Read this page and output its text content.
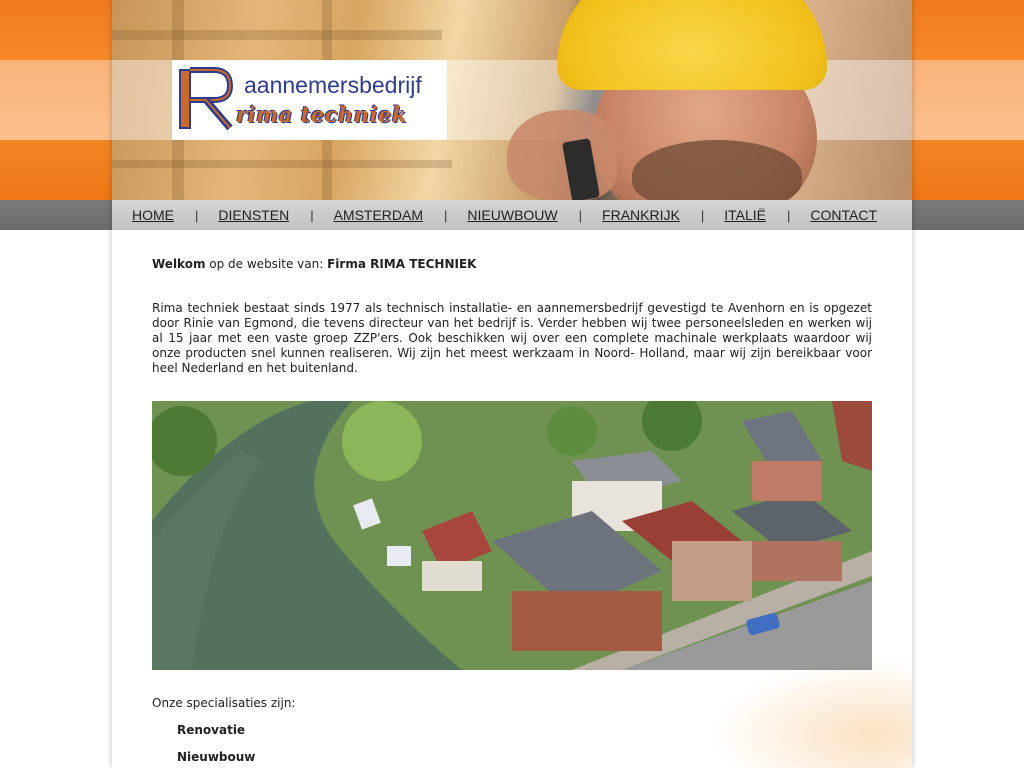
aannemersbedrijf
rima techniek

Welkom op de website van: Firma RIMA TECHNIEK

Rima techniek bestaat sinds 1977 als technisch installatie- en aannemersbedrijf gevestigd te Avenhorn en is opgezet door Rinie van Egmond, die tevens directeur van het bedrijf is. Verder hebben wij twee personeelsleden en werken wij al 15 jaar met een vaste groep ZZP'ers. Ook beschikken wij over een complete machinale werkplaats waardoor wij onze producten snel kunnen realiseren. Wij zijn het meest werkzaam in Noord- Holland, maar wij zijn bereikbaar voor heel Nederland en het buitenland.

Onze specialisaties zijn:
Renovatie
Nieuwbouw
HOME | DIENSTEN | AMSTERDAM | NIEUWBOUW | FRANKRIJK | ITALIË | CONTACT
